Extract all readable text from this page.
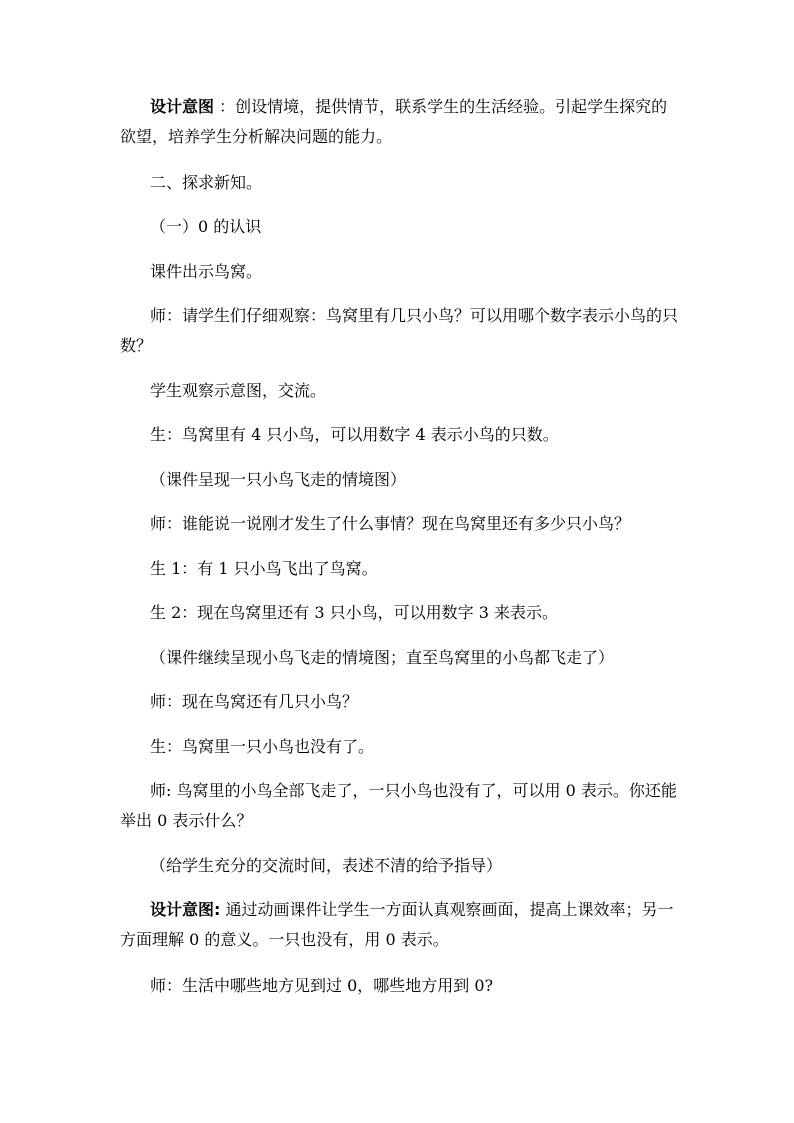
设计意图 ：创设情境，提供情节，联系学生的生活经验。引起学生探究的欲望，培养学生分析解决问题的能力。
二、探求新知。
（一）0 的认识
课件出示鸟窝。
师：请学生们仔细观察：鸟窝里有几只小鸟？可以用哪个数字表示小鸟的只数？
学生观察示意图，交流。
生：鸟窝里有 4 只小鸟，可以用数字 4 表示小鸟的只数。
（课件呈现一只小鸟飞走的情境图）
师：谁能说一说刚才发生了什么事情？现在鸟窝里还有多少只小鸟？
生 1：有 1 只小鸟飞出了鸟窝。
生 2：现在鸟窝里还有 3 只小鸟，可以用数字 3 来表示。
（课件继续呈现小鸟飞走的情境图；直至鸟窝里的小鸟都飞走了）
师：现在鸟窝还有几只小鸟？
生：鸟窝里一只小鸟也没有了。
师: 鸟窝里的小鸟全部飞走了，一只小鸟也没有了，可以用 0 表示。你还能举出 0 表示什么？
（给学生充分的交流时间，表述不清的给予指导）
设计意图: 通过动画课件让学生一方面认真观察画面，提高上课效率；另一方面理解 0 的意义。一只也没有，用 0 表示。
师：生活中哪些地方见到过 0，哪些地方用到 0?
